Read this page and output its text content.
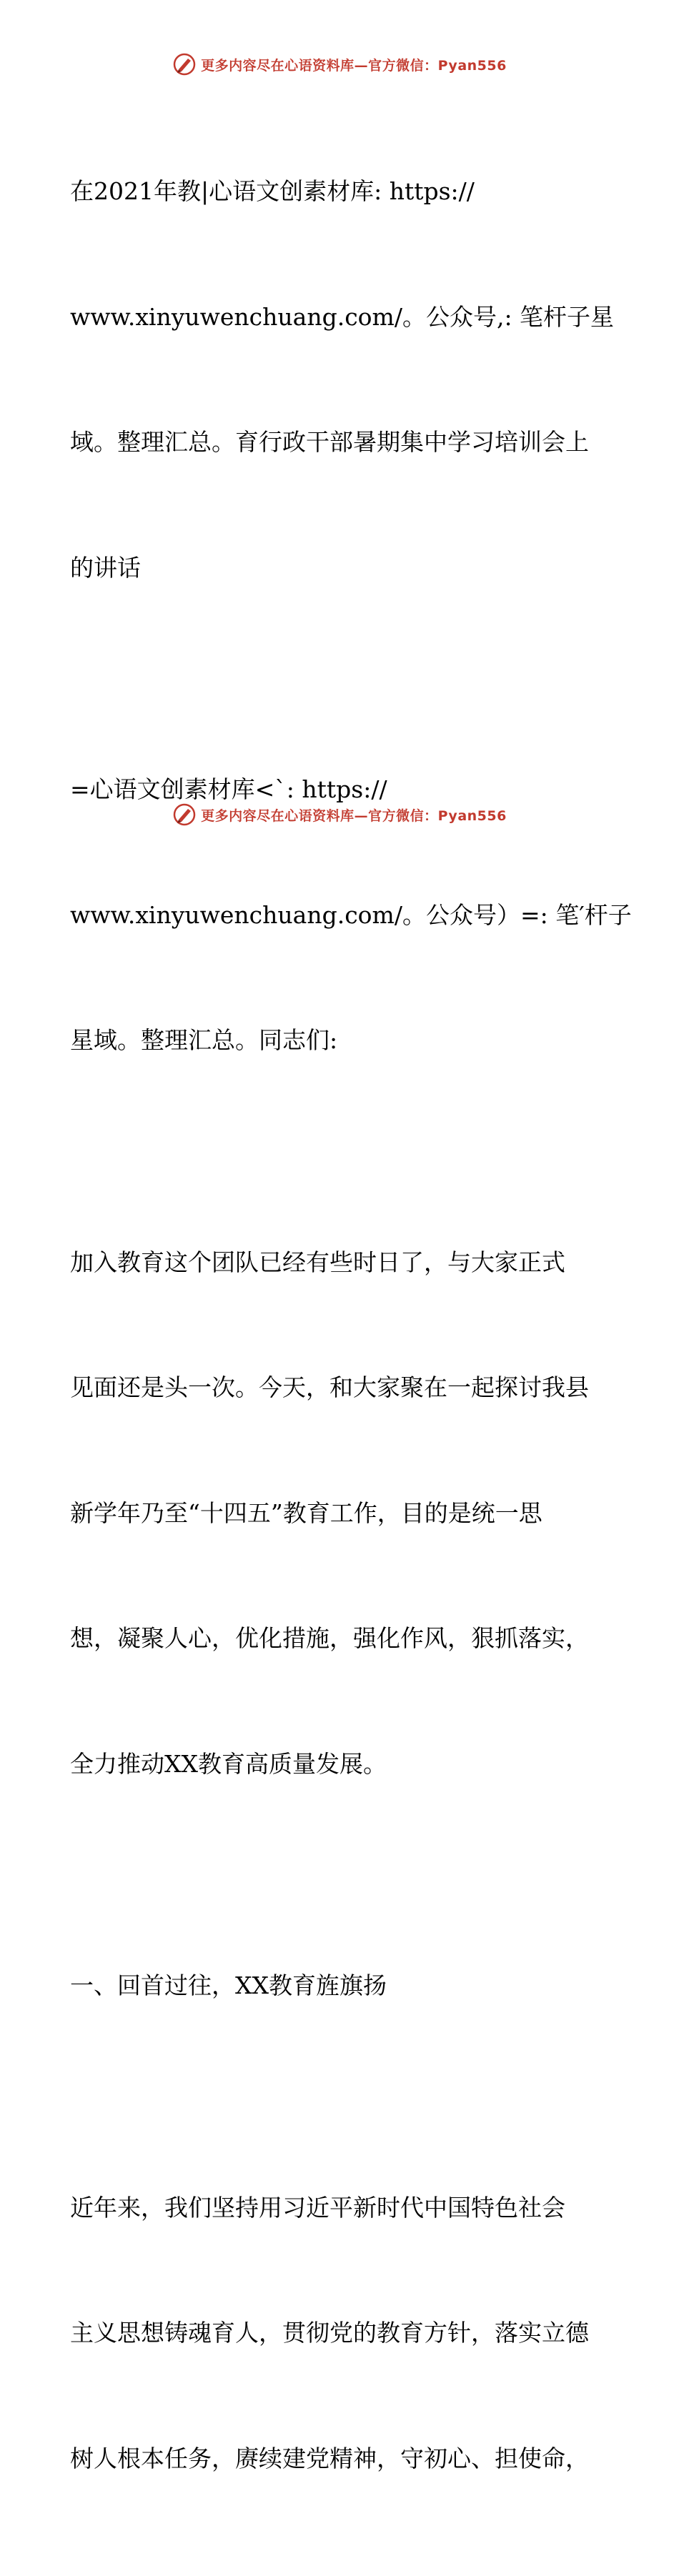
更多内容尽在心语资料库—官方微信：Pyan556

在2021年教|心语文创素材库: https://

www.xinyuwenchuang.com/。公众号,: 笔杆子星

域。整理汇总。育行政干部暑期集中学习培训会上

的讲话

=心语文创素材库<`: https://

www.xinyuwenchuang.com/。公众号）=: 笔′杆子

星域。整理汇总。同志们:

加入教育这个团队已经有些时日了，与大家正式

见面还是头一次。今天，和大家聚在一起探讨我县

新学年乃至“十四五”教育工作，目的是统一思

想，凝聚人心，优化措施，强化作风，狠抓落实，

全力推动XX教育高质量发展。

一、回首过往，XX教育旌旗扬

近年来，我们坚持用习近平新时代中国特色社会

主义思想铸魂育人，贯彻党的教育方针，落实立德

树人根本任务，赓续建党精神，守初心、担使命，

更多内容尽在心语资料库—官方微信：Pyan556
